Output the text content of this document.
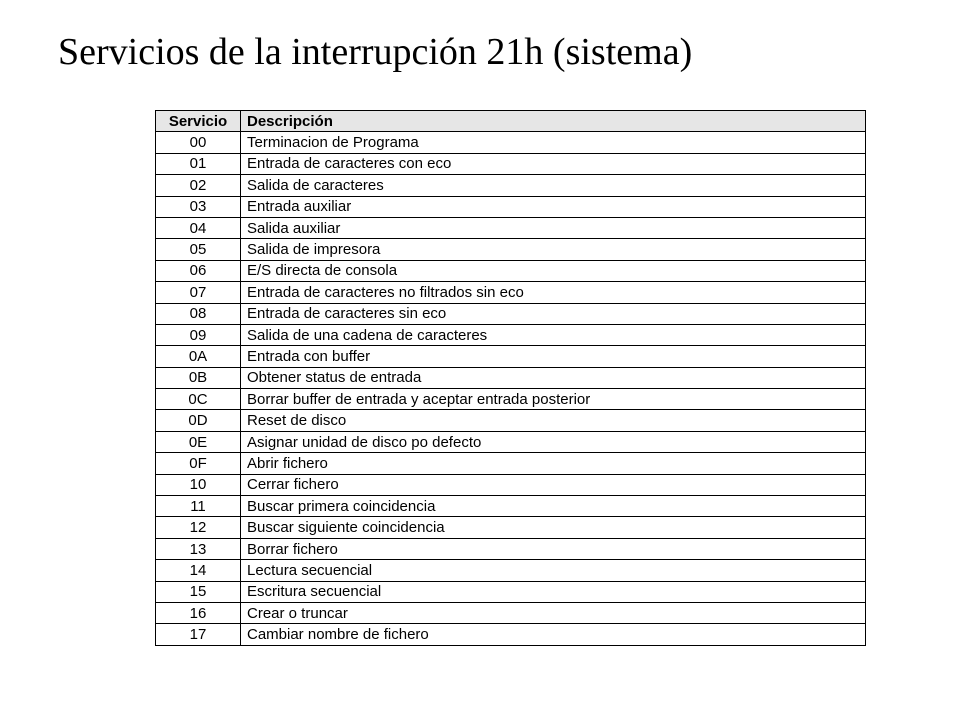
Servicios de la interrupción 21h (sistema)
Servicio	Descripción
00	Terminacion de Programa
01	Entrada de caracteres con eco
02	Salida de caracteres
03	Entrada auxiliar
04	Salida auxiliar
05	Salida de impresora
06	E/S directa de consola
07	Entrada de caracteres no filtrados sin eco
08	Entrada de caracteres sin eco
09	Salida de una cadena de caracteres
0A	Entrada con buffer
0B	Obtener status de entrada
0C	Borrar buffer de entrada y aceptar entrada posterior
0D	Reset de disco
0E	Asignar unidad de disco po defecto
0F	Abrir fichero
10	Cerrar fichero
11	Buscar primera coincidencia
12	Buscar siguiente coincidencia
13	Borrar fichero
14	Lectura secuencial
15	Escritura secuencial
16	Crear o truncar
17	Cambiar nombre de fichero
